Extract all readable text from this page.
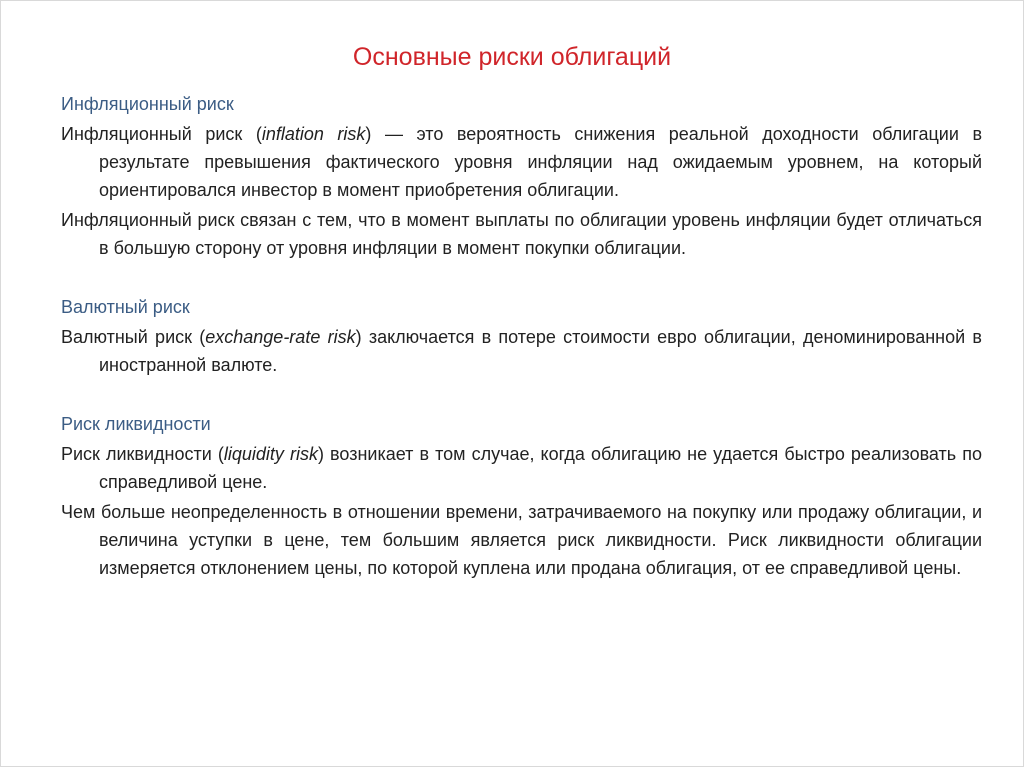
Основные риски облигаций

Инфляционный риск

Инфляционный риск (inflation risk) — это вероятность снижения реальной доходности облигации в результате превышения фактического уровня инфляции над ожидаемым уровнем, на который ориентировался инвестор в момент приобретения облигации.

Инфляционный риск связан с тем, что в момент выплаты по облигации уровень инфляции будет отличаться в большую сторону от уровня инфляции в момент покупки облигации.

Валютный риск

Валютный риск (exchange-rate risk) заключается в потере стоимости евро облигации, деноминированной в иностранной валюте.

Риск ликвидности

Риск ликвидности (liquidity risk) возникает в том случае, когда облигацию не удается быстро реализовать по справедливой цене.

Чем больше неопределенность в отношении времени, затрачиваемого на покупку или продажу облигации, и величина уступки в цене, тем большим является риск ликвидности. Риск ликвидности облигации измеряется отклонением цены, по которой куплена или продана облигация, от ее справедливой цены.
